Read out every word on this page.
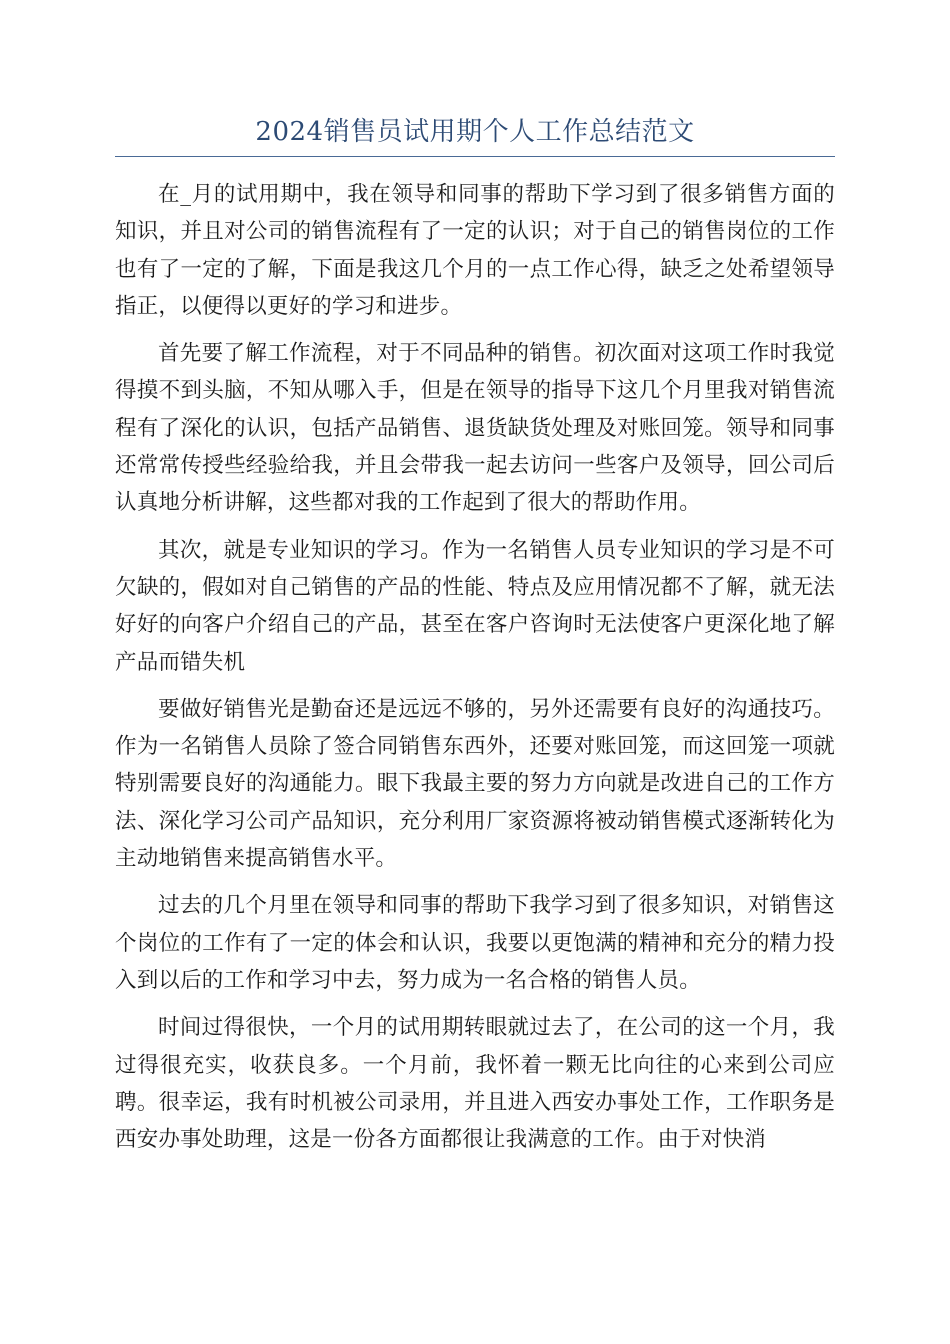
2024销售员试用期个人工作总结范文

在_月的试用期中，我在领导和同事的帮助下学习到了很多销售方面的知识，并且对公司的销售流程有了一定的认识；对于自己的销售岗位的工作也有了一定的了解，下面是我这几个月的一点工作心得，缺乏之处希望领导指正，以便得以更好的学习和进步。

首先要了解工作流程，对于不同品种的销售。初次面对这项工作时我觉得摸不到头脑，不知从哪入手，但是在领导的指导下这几个月里我对销售流程有了深化的认识，包括产品销售、退货缺货处理及对账回笼。领导和同事还常常传授些经验给我，并且会带我一起去访问一些客户及领导，回公司后认真地分析讲解，这些都对我的工作起到了很大的帮助作用。

其次，就是专业知识的学习。作为一名销售人员专业知识的学习是不可欠缺的，假如对自己销售的产品的性能、特点及应用情况都不了解，就无法好好的向客户介绍自己的产品，甚至在客户咨询时无法使客户更深化地了解产品而错失机

要做好销售光是勤奋还是远远不够的，另外还需要有良好的沟通技巧。作为一名销售人员除了签合同销售东西外，还要对账回笼，而这回笼一项就特别需要良好的沟通能力。眼下我最主要的努力方向就是改进自己的工作方法、深化学习公司产品知识，充分利用厂家资源将被动销售模式逐渐转化为主动地销售来提高销售水平。

过去的几个月里在领导和同事的帮助下我学习到了很多知识，对销售这个岗位的工作有了一定的体会和认识，我要以更饱满的精神和充分的精力投入到以后的工作和学习中去，努力成为一名合格的销售人员。

时间过得很快，一个月的试用期转眼就过去了，在公司的这一个月，我过得很充实，收获良多。一个月前，我怀着一颗无比向往的心来到公司应聘。很幸运，我有时机被公司录用，并且进入西安办事处工作，工作职务是西安办事处助理，这是一份各方面都很让我满意的工作。由于对快消
